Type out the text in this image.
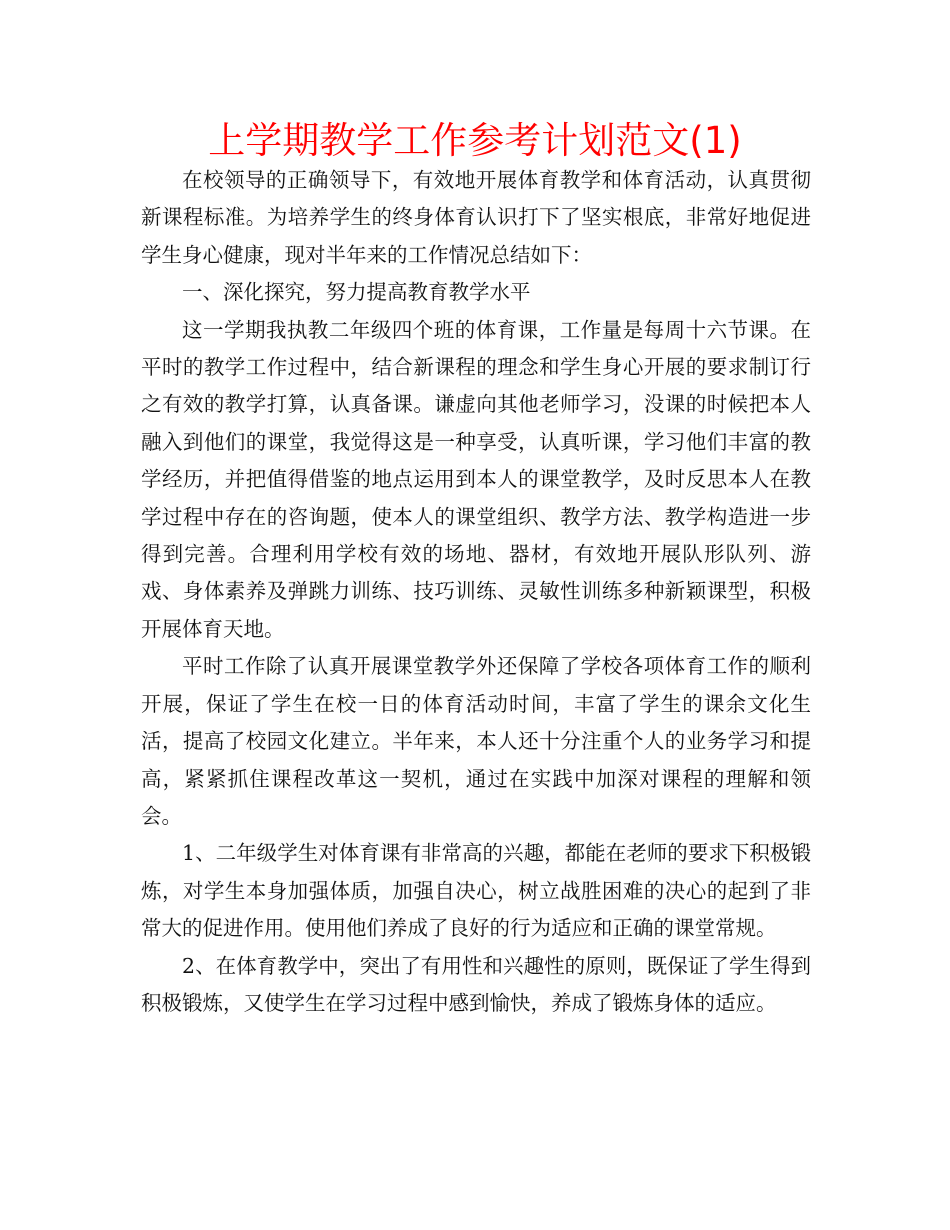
上学期教学工作参考计划范文(1)

在校领导的正确领导下，有效地开展体育教学和体育活动，认真贯彻新课程标准。为培养学生的终身体育认识打下了坚实根底，非常好地促进学生身心健康，现对半年来的工作情况总结如下：

一、深化探究，努力提高教育教学水平

这一学期我执教二年级四个班的体育课，工作量是每周十六节课。在平时的教学工作过程中，结合新课程的理念和学生身心开展的要求制订行之有效的教学打算，认真备课。谦虚向其他老师学习，没课的时候把本人融入到他们的课堂，我觉得这是一种享受，认真听课，学习他们丰富的教学经历，并把值得借鉴的地点运用到本人的课堂教学，及时反思本人在教学过程中存在的咨询题，使本人的课堂组织、教学方法、教学构造进一步得到完善。合理利用学校有效的场地、器材，有效地开展队形队列、游戏、身体素养及弹跳力训练、技巧训练、灵敏性训练多种新颖课型，积极开展体育天地。

平时工作除了认真开展课堂教学外还保障了学校各项体育工作的顺利开展，保证了学生在校一日的体育活动时间，丰富了学生的课余文化生活，提高了校园文化建立。半年来，本人还十分注重个人的业务学习和提高，紧紧抓住课程改革这一契机，通过在实践中加深对课程的理解和领会。

1、二年级学生对体育课有非常高的兴趣，都能在老师的要求下积极锻炼，对学生本身加强体质，加强自决心，树立战胜困难的决心的起到了非常大的促进作用。使用他们养成了良好的行为适应和正确的课堂常规。

2、在体育教学中，突出了有用性和兴趣性的原则，既保证了学生得到积极锻炼，又使学生在学习过程中感到愉快，养成了锻炼身体的适应。
